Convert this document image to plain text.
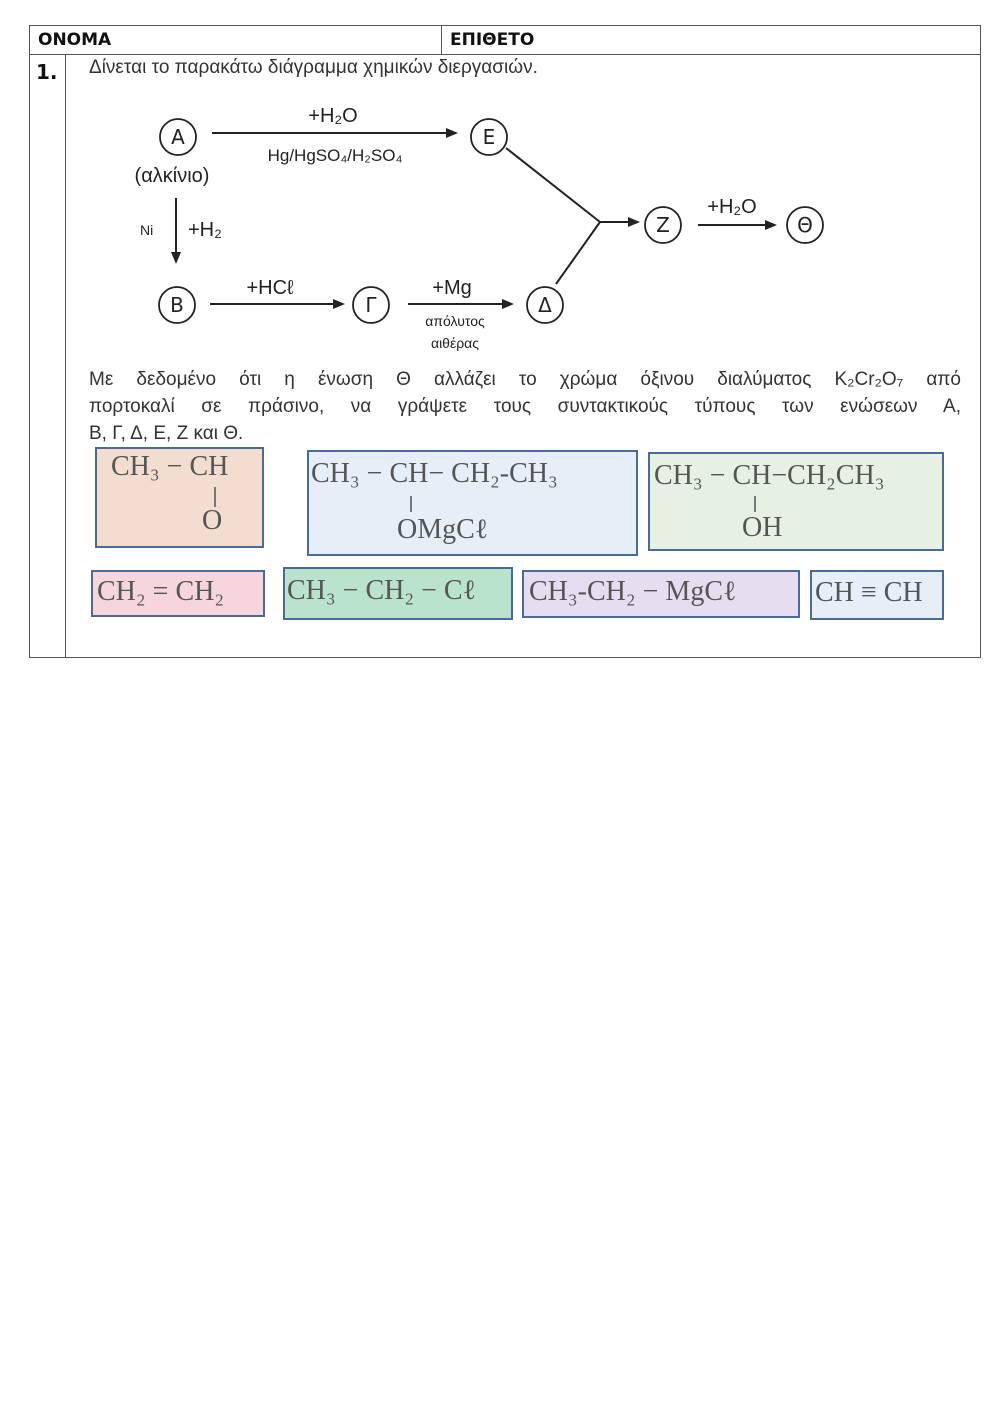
ΟΝΟΜΑ	ΕΠΙΘΕΤΟ
1. Δίνεται το παρακάτω διάγραμμα χημικών διεργασιών.
A
(αλκίνιο)
E
B	Γ	Δ
Z	Θ
+H₂O
Hg/HgSO₄/H₂SO₄
Ni +H₂
+HCℓ	+Mg
απόλυτος
αιθέρας
+H₂O
Με δεδομένο ότι η ένωση Θ αλλάζει το χρώμα όξινου διαλύματος K₂Cr₂O₇ από
πορτοκαλί σε πράσινο, να γράψετε τους συντακτικούς τύπους των ενώσεων Α,
Β, Γ, Δ, Ε, Ζ και Θ.
CH₃ − CH
O
CH₃ − CH− CH₂-CH₃
OMgCℓ
CH₃ − CH−CH₂CH₃
OH
CH₂ = CH₂ CH₃ − CH₂ − Cℓ CH₃-CH₂ − MgCℓ	CH ≡ CH
